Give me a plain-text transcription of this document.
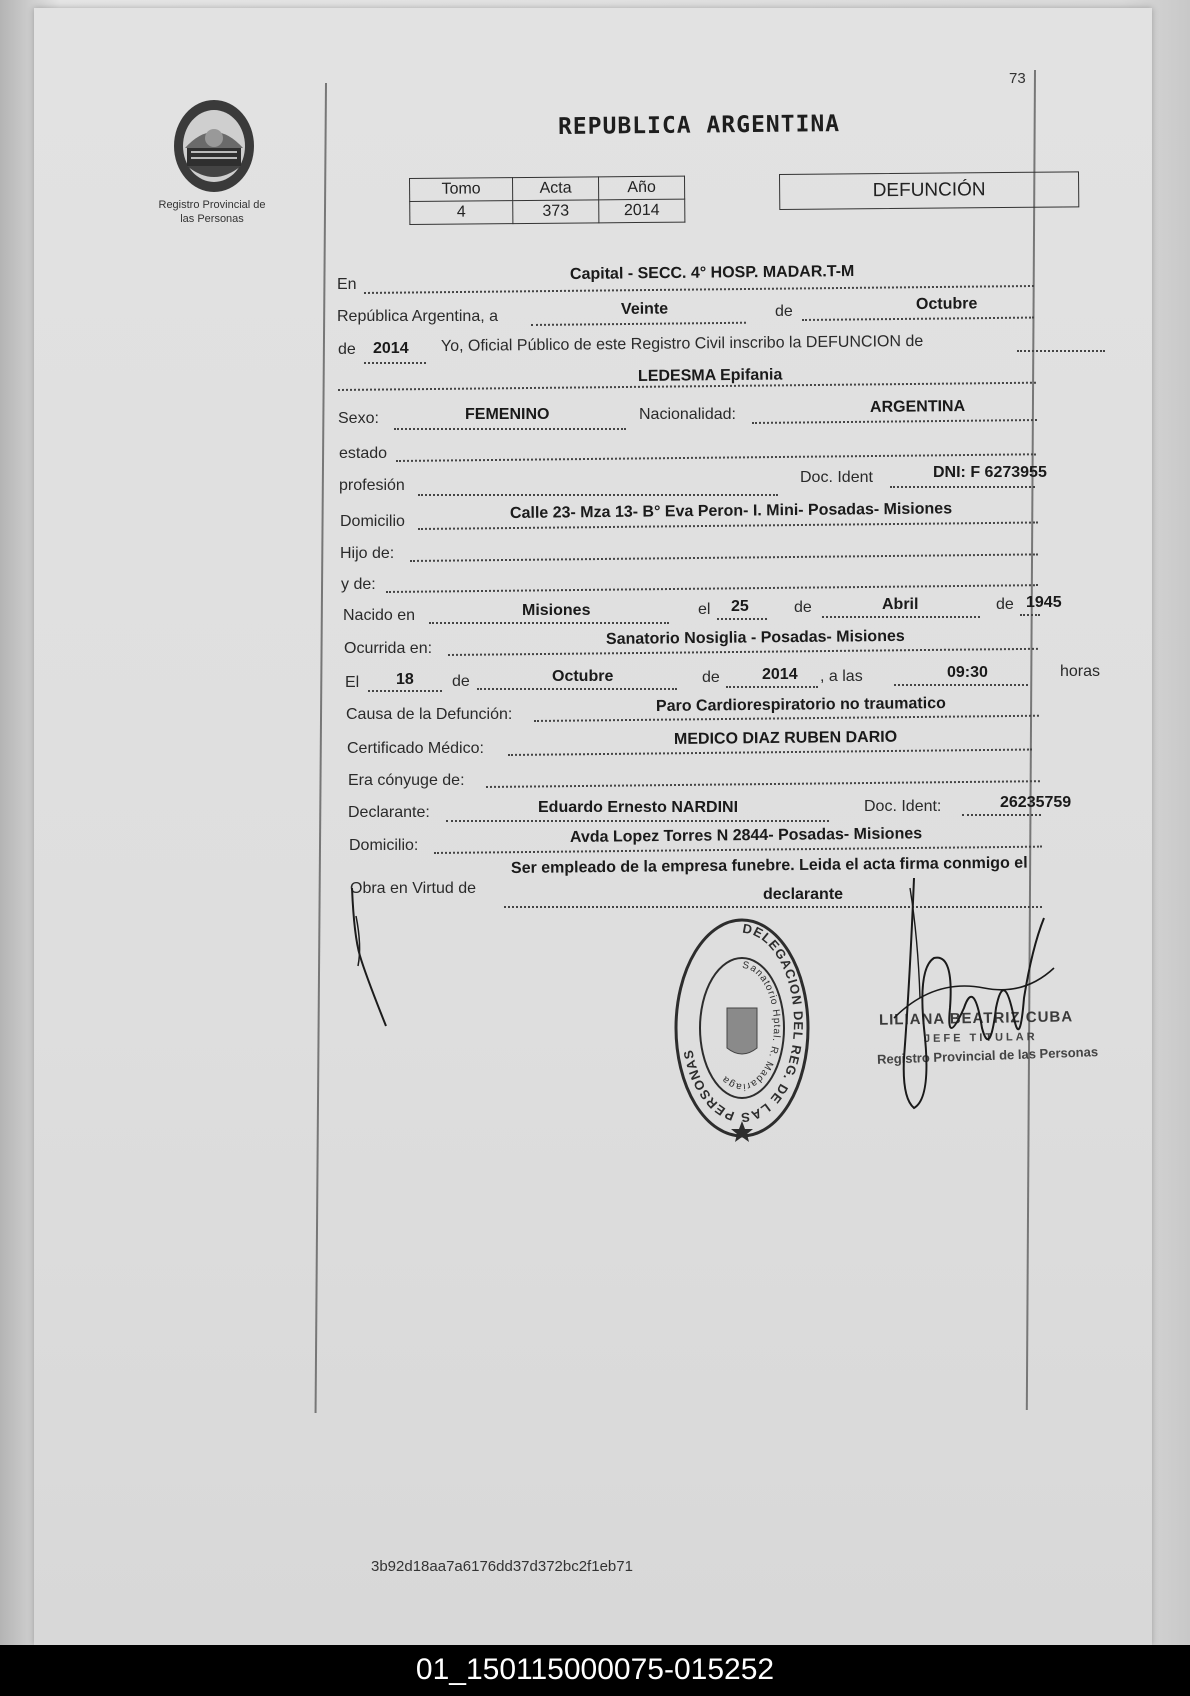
73
Registro Provincial de
las Personas
REPUBLICA ARGENTINA
Tomo	Acta	Año
4	373	2014
DEFUNCIÓN
En
Capital - SECC. 4° HOSP. MADAR.T-M
República Argentina, a	Veinte	de	Octubre
de 2014 Yo, Oficial Público de este Registro Civil inscribo la DEFUNCION de
LEDESMA Epifania
Sexo:	FEMENINO	Nacionalidad:	ARGENTINA
estado
profesión	Doc. Ident	DNI: F 6273955
Domicilio	Calle 23- Mza 13- B° Eva Peron- I. Mini- Posadas- Misiones
Hijo de:
y de:
Nacido en	Misiones	el 25	de	Abril	de 1945
Ocurrida en:
Sanatorio Nosiglia - Posadas- Misiones
El 18 de	Octubre	de	2014 , a las	09:30	horas
Causa de la Defunción:	Paro Cardiorespiratorio no traumatico
Certificado Médico:
MEDICO DIAZ RUBEN DARIO
Era cónyuge de:
Declarante:	Eduardo Ernesto NARDINI	Doc. Ident:	26235759
Domicilio:	Avda Lopez Torres N 2844- Posadas- Misiones
Obra en Virtud de
Ser empleado de la empresa funebre. Leida el acta firma conmigo el
declarante
DELEGACION DEL REG. DE LAS PERSONAS
Sanatorio Hptal. R. Madariaga
LILIANA BEATRIZ CUBA
JEFE TITULAR
Registro Provincial de las Personas
3b92d18aa7a6176dd37d372bc2f1eb71
01_150115000075-015252
